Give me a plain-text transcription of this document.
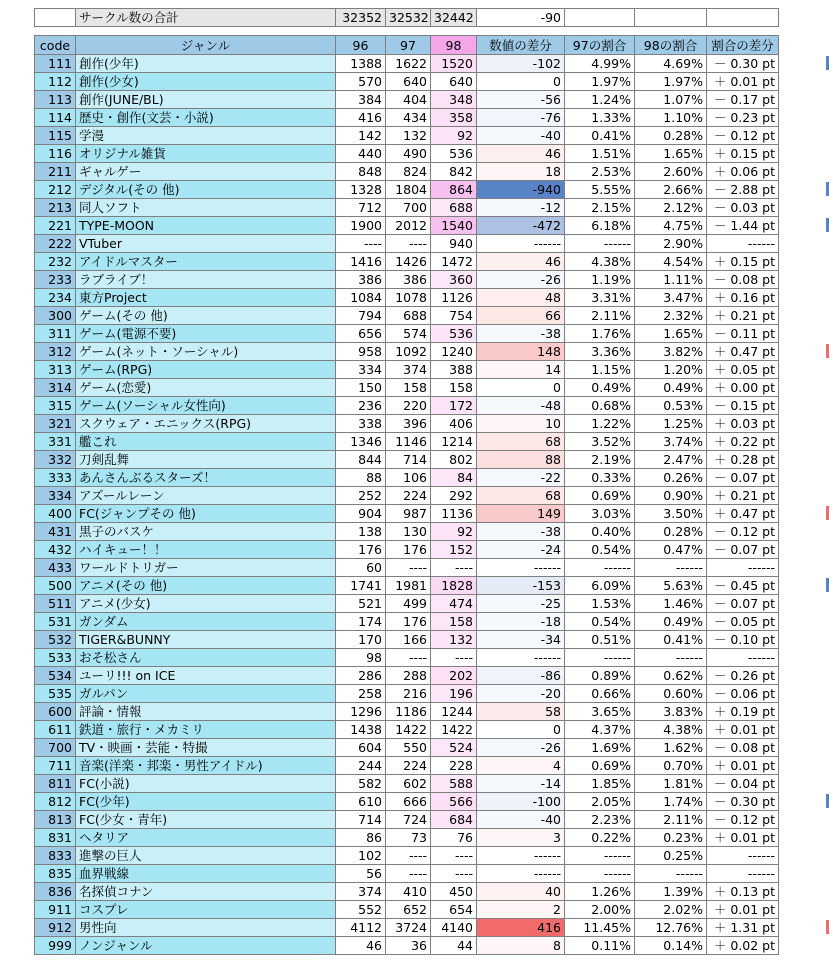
	サークル数の合計	32352	32532	32442	-90			

code	ジャンル	96	97	98	数値の差分	97の割合	98の割合	割合の差分
111	創作(少年)	1388	1622	1520	-102	4.99%	4.69%	－ 0.30 pt
112	創作(少女)	570	640	640	0	1.97%	1.97%	＋ 0.01 pt
113	創作(JUNE/BL)	384	404	348	-56	1.24%	1.07%	－ 0.17 pt
114	歴史・創作(文芸・小説)	416	434	358	-76	1.33%	1.10%	－ 0.23 pt
115	学漫	142	132	92	-40	0.41%	0.28%	－ 0.12 pt
116	オリジナル雑貨	440	490	536	46	1.51%	1.65%	＋ 0.15 pt
211	ギャルゲー	848	824	842	18	2.53%	2.60%	＋ 0.06 pt
212	デジタル(その 他)	1328	1804	864	-940	5.55%	2.66%	－ 2.88 pt
213	同人ソフト	712	700	688	-12	2.15%	2.12%	－ 0.03 pt
221	TYPE-MOON	1900	2012	1540	-472	6.18%	4.75%	－ 1.44 pt
222	VTuber	----	----	940	------	------	2.90%	------
232	アイドルマスター	1416	1426	1472	46	4.38%	4.54%	＋ 0.15 pt
233	ラブライブ！	386	386	360	-26	1.19%	1.11%	－ 0.08 pt
234	東方Project	1084	1078	1126	48	3.31%	3.47%	＋ 0.16 pt
300	ゲーム(その 他)	794	688	754	66	2.11%	2.32%	＋ 0.21 pt
311	ゲーム(電源不要)	656	574	536	-38	1.76%	1.65%	－ 0.11 pt
312	ゲーム(ネット・ソーシャル)	958	1092	1240	148	3.36%	3.82%	＋ 0.47 pt
313	ゲーム(RPG)	334	374	388	14	1.15%	1.20%	＋ 0.05 pt
314	ゲーム(恋愛)	150	158	158	0	0.49%	0.49%	＋ 0.00 pt
315	ゲーム(ソーシャル女性向)	236	220	172	-48	0.68%	0.53%	－ 0.15 pt
321	スクウェア・エニックス(RPG)	338	396	406	10	1.22%	1.25%	＋ 0.03 pt
331	艦これ	1346	1146	1214	68	3.52%	3.74%	＋ 0.22 pt
332	刀剣乱舞	844	714	802	88	2.19%	2.47%	＋ 0.28 pt
333	あんさんぶるスターズ！	88	106	84	-22	0.33%	0.26%	－ 0.07 pt
334	アズールレーン	252	224	292	68	0.69%	0.90%	＋ 0.21 pt
400	FC(ジャンプその 他)	904	987	1136	149	3.03%	3.50%	＋ 0.47 pt
431	黒子のバスケ	138	130	92	-38	0.40%	0.28%	－ 0.12 pt
432	ハイキュー！！	176	176	152	-24	0.54%	0.47%	－ 0.07 pt
433	ワールドトリガー	60	----	----	------	------	------	------
500	アニメ(その 他)	1741	1981	1828	-153	6.09%	5.63%	－ 0.45 pt
511	アニメ(少女)	521	499	474	-25	1.53%	1.46%	－ 0.07 pt
531	ガンダム	174	176	158	-18	0.54%	0.49%	－ 0.05 pt
532	TIGER&BUNNY	170	166	132	-34	0.51%	0.41%	－ 0.10 pt
533	おそ松さん	98	----	----	------	------	------	------
534	ユーリ!!! on ICE	286	288	202	-86	0.89%	0.62%	－ 0.26 pt
535	ガルパン	258	216	196	-20	0.66%	0.60%	－ 0.06 pt
600	評論・情報	1296	1186	1244	58	3.65%	3.83%	＋ 0.19 pt
611	鉄道・旅行・メカミリ	1438	1422	1422	0	4.37%	4.38%	＋ 0.01 pt
700	TV・映画・芸能・特撮	604	550	524	-26	1.69%	1.62%	－ 0.08 pt
711	音楽(洋楽・邦楽・男性アイドル)	244	224	228	4	0.69%	0.70%	＋ 0.01 pt
811	FC(小説)	582	602	588	-14	1.85%	1.81%	－ 0.04 pt
812	FC(少年)	610	666	566	-100	2.05%	1.74%	－ 0.30 pt
813	FC(少女・青年)	714	724	684	-40	2.23%	2.11%	－ 0.12 pt
831	ヘタリア	86	73	76	3	0.22%	0.23%	＋ 0.01 pt
833	進撃の巨人	102	----	----	------	------	0.25%	------
835	血界戦線	56	----	----	------	------	------	------
836	名探偵コナン	374	410	450	40	1.26%	1.39%	＋ 0.13 pt
911	コスプレ	552	652	654	2	2.00%	2.02%	＋ 0.01 pt
912	男性向	4112	3724	4140	416	11.45%	12.76%	＋ 1.31 pt
999	ノンジャンル	46	36	44	8	0.11%	0.14%	＋ 0.02 pt
